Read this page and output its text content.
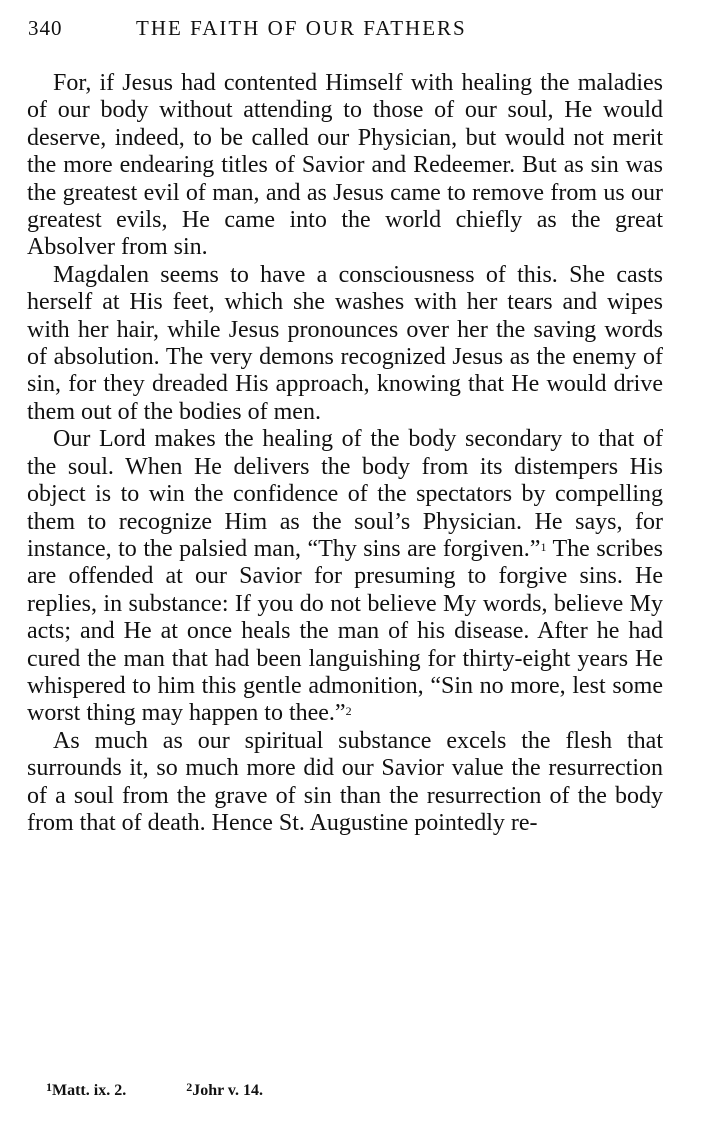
340	THE FAITH OF OUR FATHERS

For, if Jesus had contented Himself with healing the maladies of our body without attending to those of our soul, He would deserve, indeed, to be called our Physician, but would not merit the more endearing titles of Savior and Redeemer. But as sin was the greatest evil of man, and as Jesus came to remove from us our greatest evils, He came into the world chiefly as the great Absolver from sin.

Magdalen seems to have a consciousness of this. She casts herself at His feet, which she washes with her tears and wipes with her hair, while Jesus pronounces over her the saving words of absolution. The very demons recognized Jesus as the enemy of sin, for they dreaded His approach, knowing that He would drive them out of the bodies of men.

Our Lord makes the healing of the body secondary to that of the soul. When He delivers the body from its distempers His object is to win the confidence of the spectators by compelling them to recognize Him as the soul’s Physician. He says, for instance, to the palsied man, “Thy sins are forgiven.”$^1$ The scribes are offended at our Savior for presuming to forgive sins. He replies, in substance: If you do not believe My words, believe My acts; and He at once heals the man of his disease. After he had cured the man that had been languishing for thirty-eight years He whispered to him this gentle admonition, “Sin no more, lest some worst thing may happen to thee.”$^2$

As much as our spiritual substance excels the flesh that surrounds it, so much more did our Savior value the resurrection of a soul from the grave of sin than the resurrection of the body from that of death. Hence St. Augustine pointedly re-

$^1$Matt. ix. 2.	$^2$Johr v. 14.
